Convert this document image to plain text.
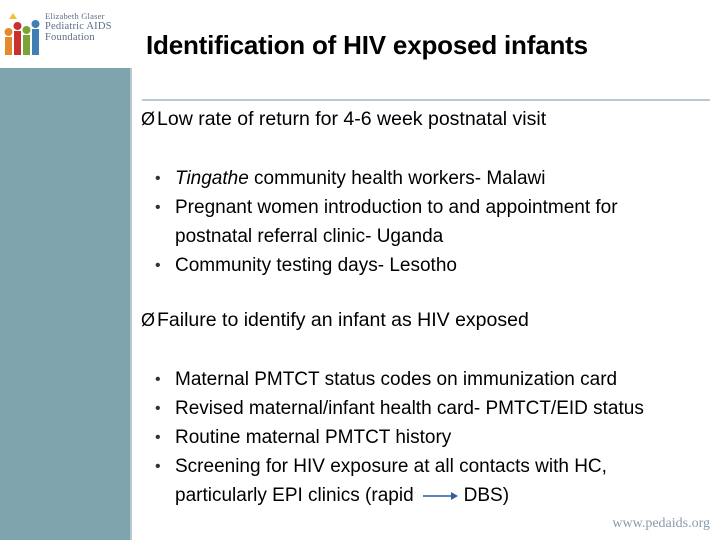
Elizabeth Glaser
Pediatric AIDS
Foundation	Identification of HIV exposed infants
Ø Low rate of return for 4-6 week postnatal visit
• Tingathe community health workers- Malawi
• Pregnant women introduction to and appointment for
postnatal referral clinic- Uganda
• Community testing days- Lesotho
Ø Failure to identify an infant as HIV exposed
• Maternal PMTCT status codes on immunization card
• Revised maternal/infant health card- PMTCT/EID status
• Routine maternal PMTCT history
• Screening for HIV exposure at all contacts with HC,
particularly EPI clinics (rapid	DBS)
www.pedaids.org
